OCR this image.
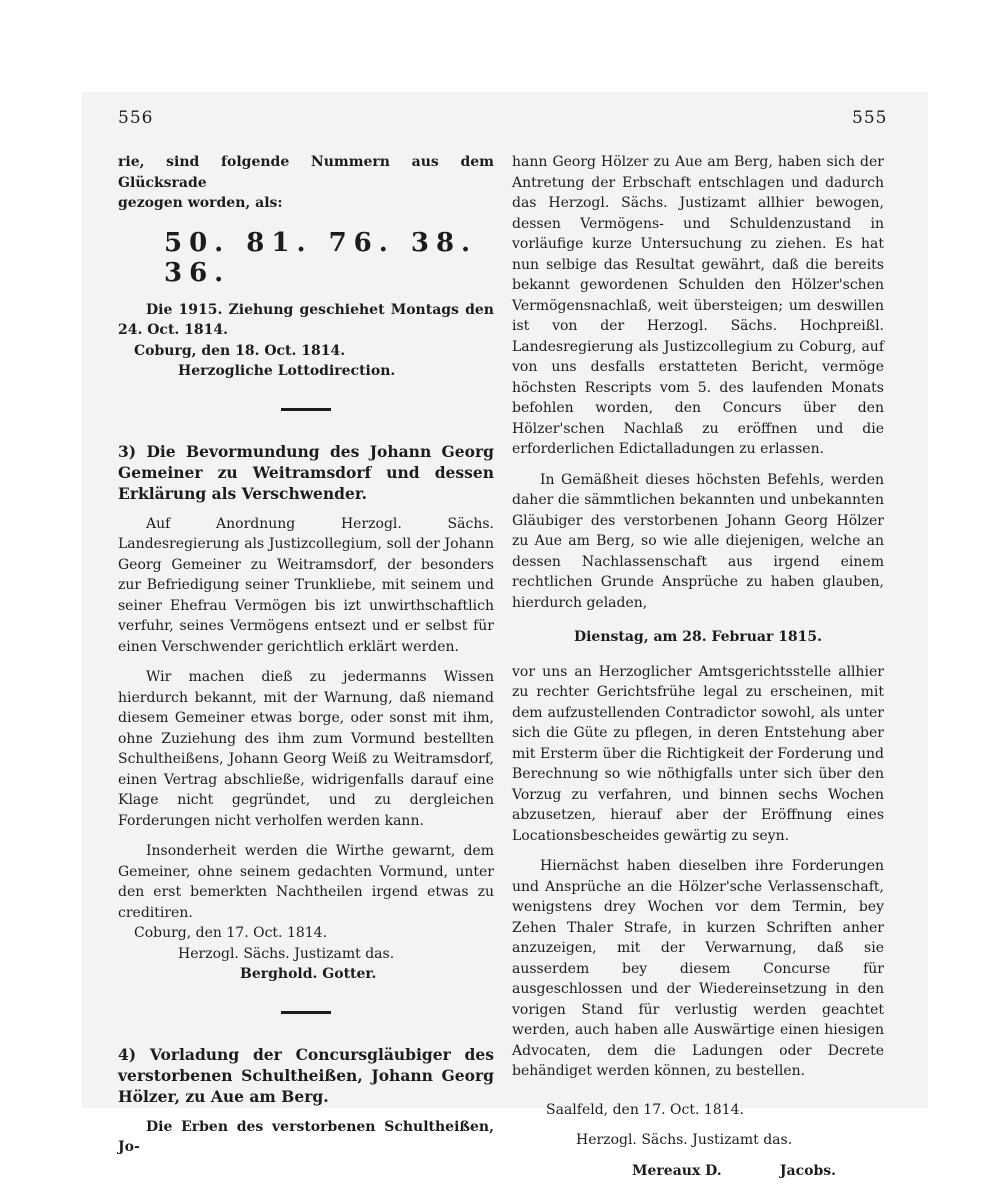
556	555

rie, sind folgende Nummern aus dem Glücksrade

gezogen worden, als:

50. 81. 76. 38. 36.

Die 1915. Ziehung geschiehet Montags den 24. Oct. 1814.

Coburg, den 18. Oct. 1814.

Herzogliche Lottodirection.

3) Die Bevormundung des Johann Georg Gemeiner zu Weitramsdorf und dessen Erklärung als Verschwender.

Auf Anordnung Herzogl. Sächs. Landesregierung als Justizcollegium, soll der Johann Georg Gemeiner zu Weitramsdorf, der besonders zur Befriedigung seiner Trunkliebe, mit seinem und seiner Ehefrau Vermögen bis izt unwirthschaftlich verfuhr, seines Vermögens entsezt und er selbst für einen Verschwender gerichtlich erklärt werden.

Wir machen dieß zu jedermanns Wissen hierdurch bekannt, mit der Warnung, daß niemand diesem Gemeiner etwas borge, oder sonst mit ihm, ohne Zuziehung des ihm zum Vormund bestellten Schultheißens, Johann Georg Weiß zu Weitramsdorf, einen Vertrag abschließe, widrigenfalls darauf eine Klage nicht gegründet, und zu dergleichen Forderungen nicht verholfen werden kann.

Insonderheit werden die Wirthe gewarnt, dem Gemeiner, ohne seinem gedachten Vormund, unter den erst bemerkten Nachtheilen irgend etwas zu creditiren.

Coburg, den 17. Oct. 1814.

Herzogl. Sächs. Justizamt das.

Berghold. Gotter.

4) Vorladung der Concursgläubiger des verstorbenen Schultheißen, Johann Georg Hölzer, zu Aue am Berg.

Die Erben des verstorbenen Schultheißen, Jo-

hann Georg Hölzer zu Aue am Berg, haben sich der Antretung der Erbschaft entschlagen und dadurch das Herzogl. Sächs. Justizamt allhier bewogen, dessen Vermögens- und Schuldenzustand in vorläufige kurze Untersuchung zu ziehen. Es hat nun selbige das Resultat gewährt, daß die bereits bekannt gewordenen Schulden den Hölzer'schen Vermögensnachlaß, weit übersteigen; um deswillen ist von der Herzogl. Sächs. Hochpreißl. Landesregierung als Justizcollegium zu Coburg, auf von uns desfalls erstatteten Bericht, vermöge höchsten Rescripts vom 5. des laufenden Monats befohlen worden, den Concurs über den Hölzer'schen Nachlaß zu eröffnen und die erforderlichen Edictalladungen zu erlassen.

In Gemäßheit dieses höchsten Befehls, werden daher die sämmtlichen bekannten und unbekannten Gläubiger des verstorbenen Johann Georg Hölzer zu Aue am Berg, so wie alle diejenigen, welche an dessen Nachlassenschaft aus irgend einem rechtlichen Grunde Ansprüche zu haben glauben, hierdurch geladen,

Dienstag, am 28. Februar 1815.

vor uns an Herzoglicher Amtsgerichtsstelle allhier zu rechter Gerichtsfrühe legal zu erscheinen, mit dem aufzustellenden Contradictor sowohl, als unter sich die Güte zu pflegen, in deren Entstehung aber mit Ersterm über die Richtigkeit der Forderung und Berechnung so wie nöthigfalls unter sich über den Vorzug zu verfahren, und binnen sechs Wochen abzusetzen, hierauf aber der Eröffnung eines Locationsbescheides gewärtig zu seyn.

Hiernächst haben dieselben ihre Forderungen und Ansprüche an die Hölzer'sche Verlassenschaft, wenigstens drey Wochen vor dem Termin, bey Zehen Thaler Strafe, in kurzen Schriften anher anzuzeigen, mit der Verwarnung, daß sie ausserdem bey diesem Concurse für ausgeschlossen und der Wiedereinsetzung in den vorigen Stand für verlustig werden geachtet werden, auch haben alle Auswärtige einen hiesigen Advocaten, dem die Ladungen oder Decrete behändiget werden können, zu bestellen.

Saalfeld, den 17. Oct. 1814.

Herzogl. Sächs. Justizamt das.

Mereaux D.	Jacobs.
